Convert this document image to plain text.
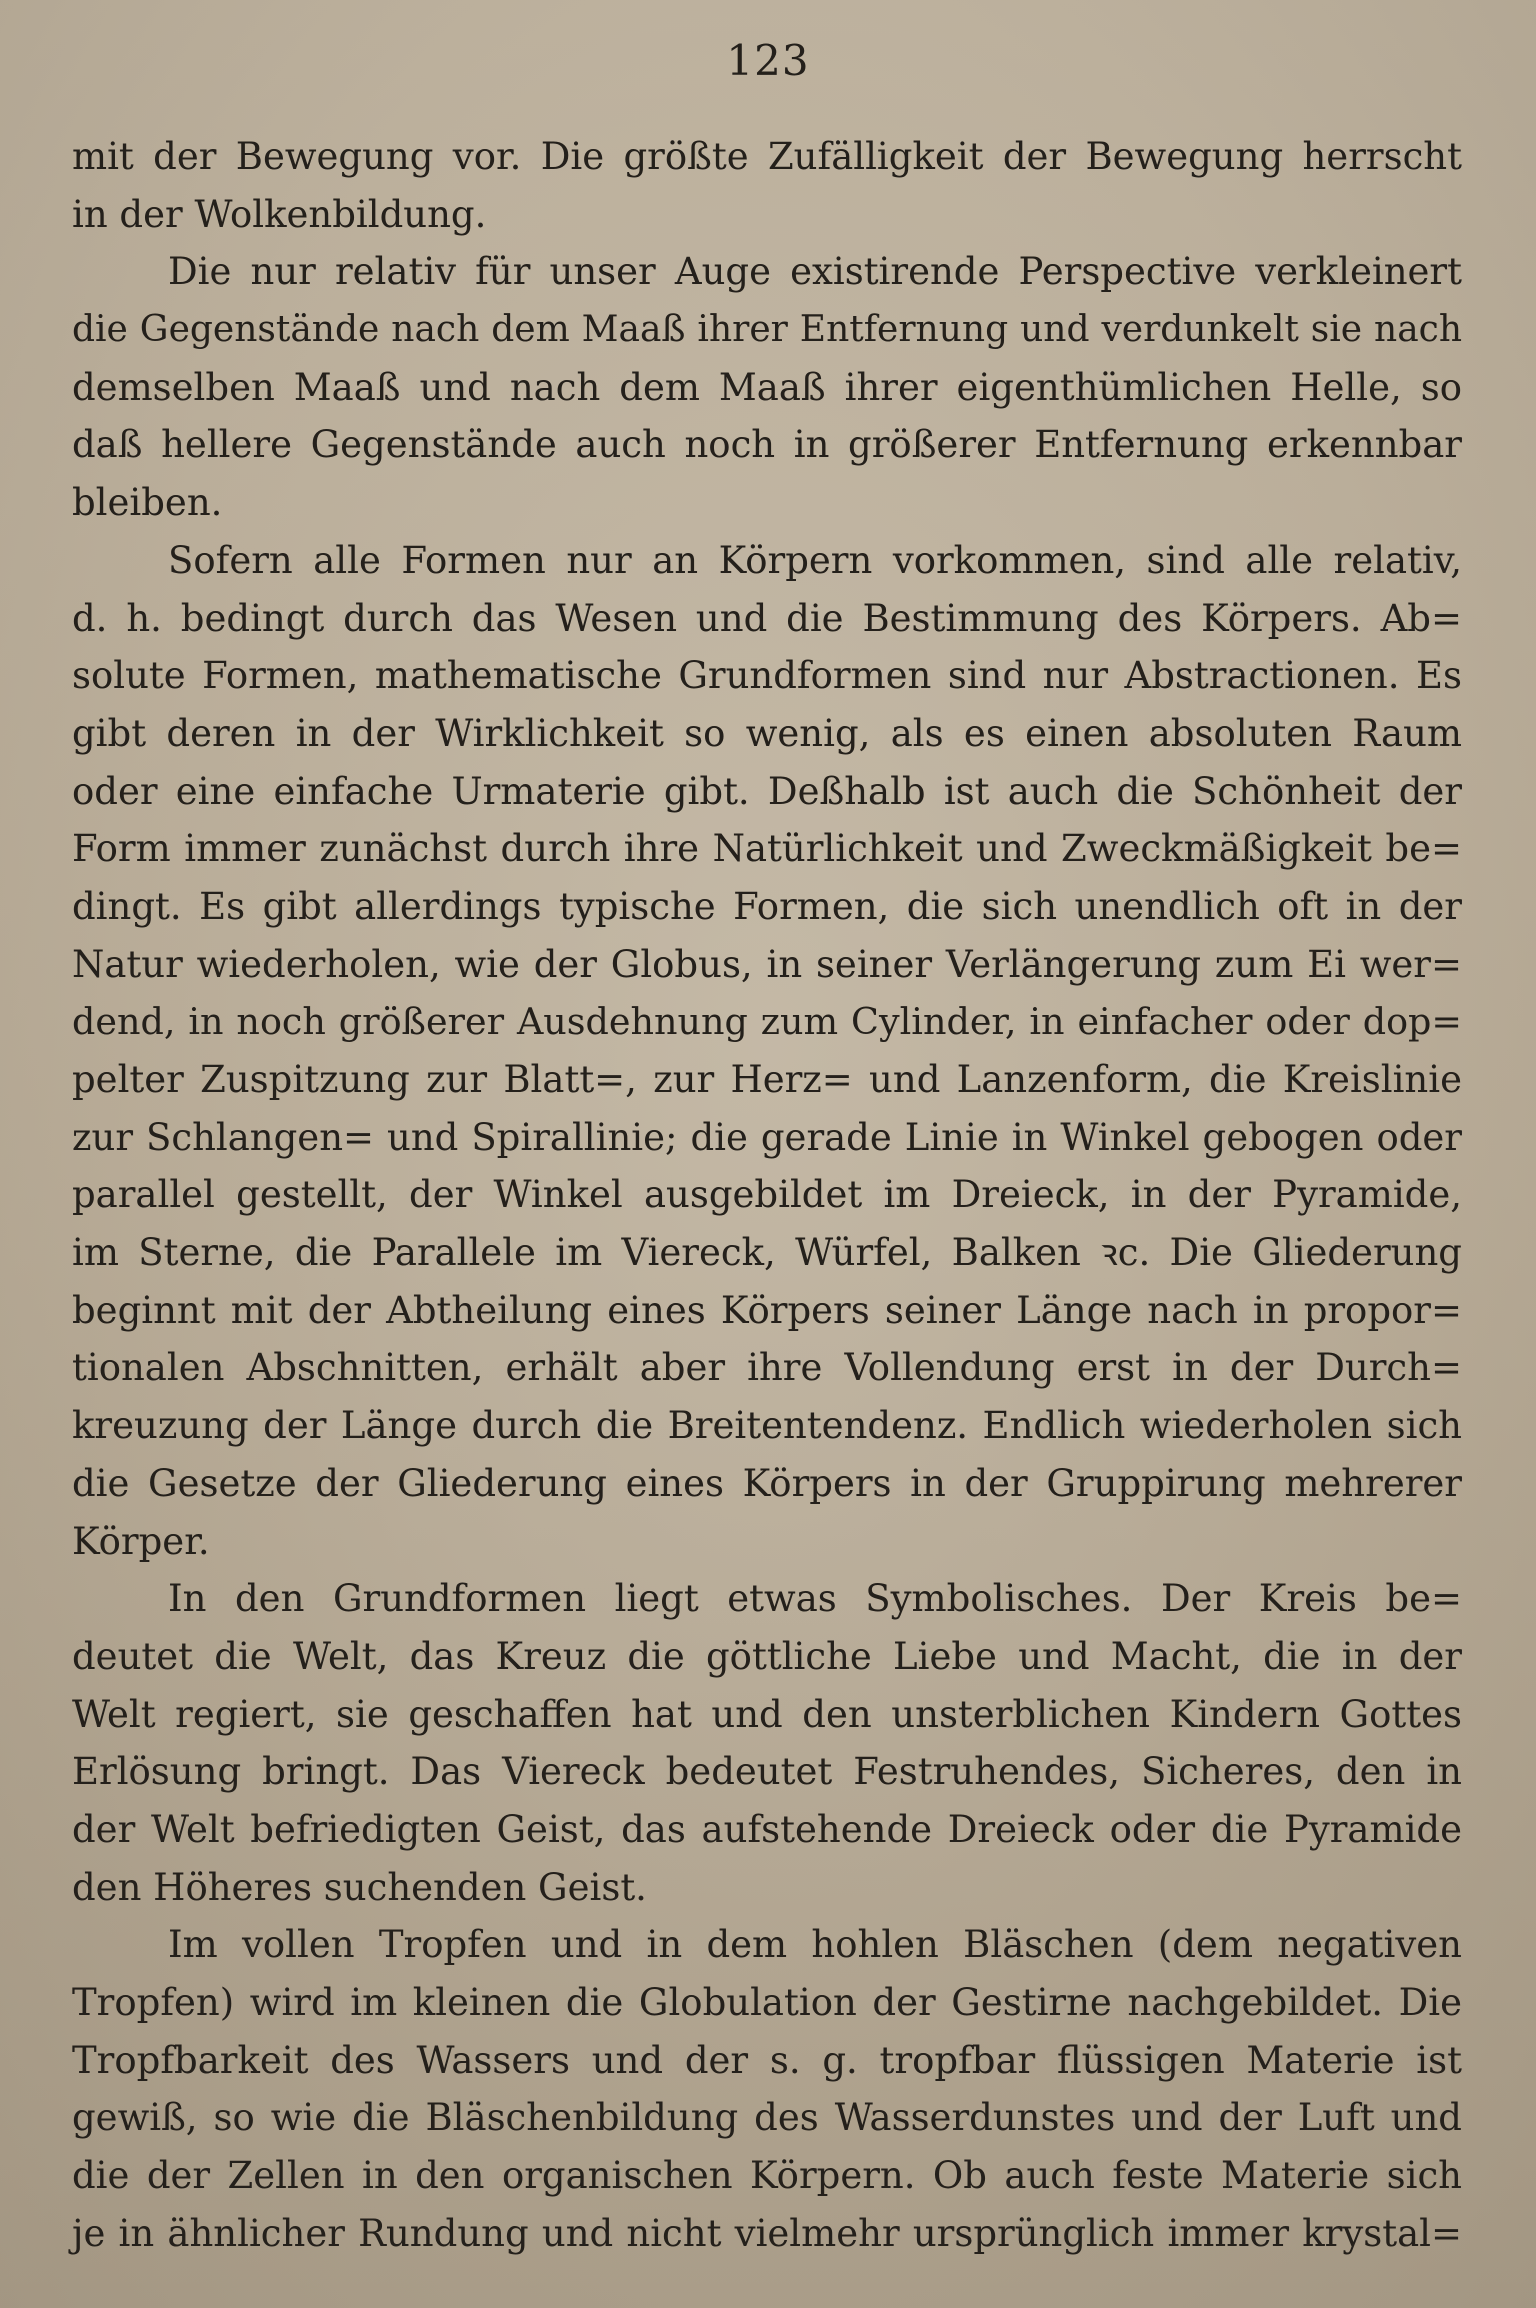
123
mit der Bewegung vor. Die größte Zufälligkeit der Bewegung herrscht
in der Wolkenbildung.
Die nur relativ für unser Auge existirende Perspective verkleinert
die Gegenstände nach dem Maaß ihrer Entfernung und verdunkelt sie nach
demselben Maaß und nach dem Maaß ihrer eigenthümlichen Helle, so
daß hellere Gegenstände auch noch in größerer Entfernung erkennbar
bleiben.
Sofern alle Formen nur an Körpern vorkommen, sind alle relativ,
d. h. bedingt durch das Wesen und die Bestimmung des Körpers. Ab=
solute Formen, mathematische Grundformen sind nur Abstractionen. Es
gibt deren in der Wirklichkeit so wenig, als es einen absoluten Raum
oder eine einfache Urmaterie gibt. Deßhalb ist auch die Schönheit der
Form immer zunächst durch ihre Natürlichkeit und Zweckmäßigkeit be=
dingt. Es gibt allerdings typische Formen, die sich unendlich oft in der
Natur wiederholen, wie der Globus, in seiner Verlängerung zum Ei wer=
dend, in noch größerer Ausdehnung zum Cylinder, in einfacher oder dop=
pelter Zuspitzung zur Blatt=, zur Herz= und Lanzenform, die Kreislinie
zur Schlangen= und Spirallinie; die gerade Linie in Winkel gebogen oder
parallel gestellt, der Winkel ausgebildet im Dreieck, in der Pyramide,
im Sterne, die Parallele im Viereck, Würfel, Balken ꝛc. Die Gliederung
beginnt mit der Abtheilung eines Körpers seiner Länge nach in propor=
tionalen Abschnitten, erhält aber ihre Vollendung erst in der Durch=
kreuzung der Länge durch die Breitentendenz. Endlich wiederholen sich
die Gesetze der Gliederung eines Körpers in der Gruppirung mehrerer
Körper.
In den Grundformen liegt etwas Symbolisches. Der Kreis be=
deutet die Welt, das Kreuz die göttliche Liebe und Macht, die in der
Welt regiert, sie geschaffen hat und den unsterblichen Kindern Gottes
Erlösung bringt. Das Viereck bedeutet Festruhendes, Sicheres, den in
der Welt befriedigten Geist, das aufstehende Dreieck oder die Pyramide
den Höheres suchenden Geist.
Im vollen Tropfen und in dem hohlen Bläschen (dem negativen
Tropfen) wird im kleinen die Globulation der Gestirne nachgebildet. Die
Tropfbarkeit des Wassers und der s. g. tropfbar flüssigen Materie ist
gewiß, so wie die Bläschenbildung des Wasserdunstes und der Luft und
die der Zellen in den organischen Körpern. Ob auch feste Materie sich
je in ähnlicher Rundung und nicht vielmehr ursprünglich immer krystal=
